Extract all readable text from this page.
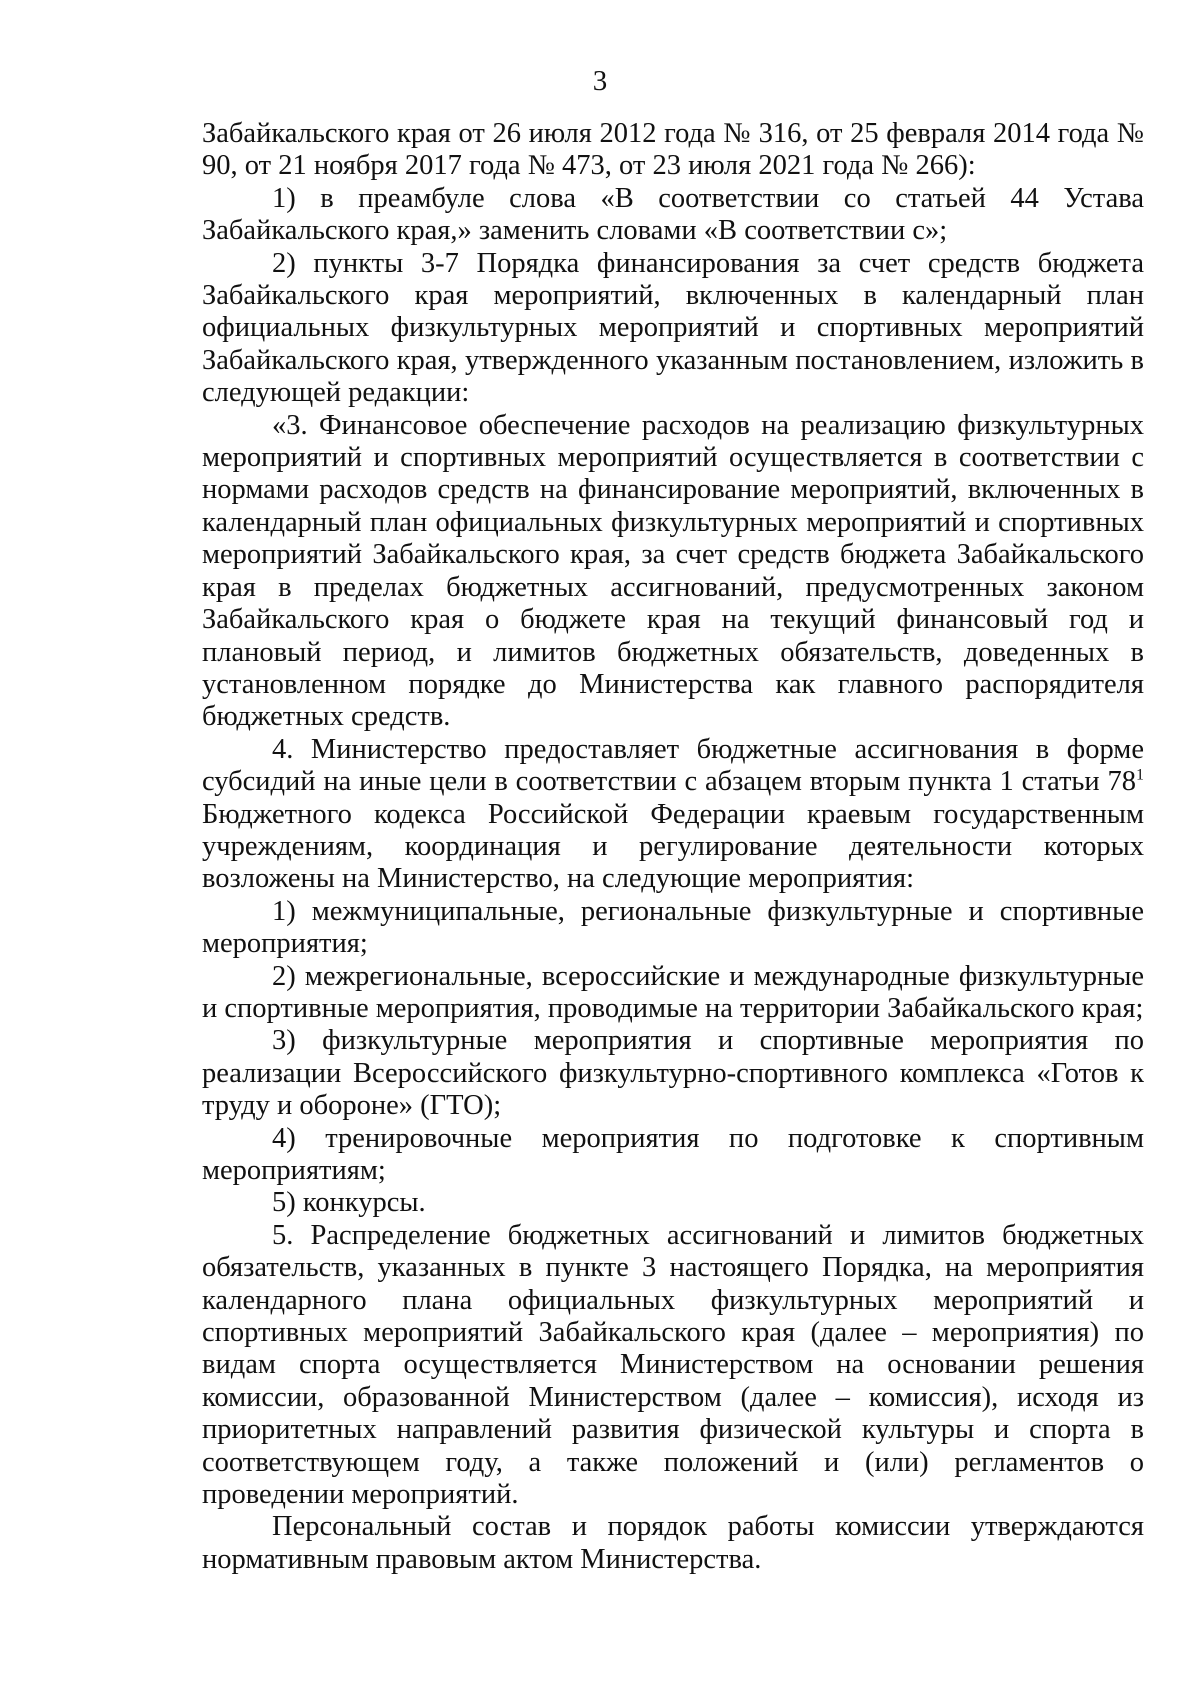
3

Забайкальского края от 26 июля 2012 года № 316, от 25 февраля 2014 года № 90, от 21 ноября 2017 года № 473, от 23 июля 2021 года № 266):

1) в преамбуле слова «В соответствии со статьей 44 Устава Забайкальского края,» заменить словами «В соответствии с»;

2) пункты 3-7 Порядка финансирования за счет средств бюджета Забайкальского края мероприятий, включенных в календарный план официальных физкультурных мероприятий и спортивных мероприятий Забайкальского края, утвержденного указанным постановлением, изложить в следующей редакции:

«3. Финансовое обеспечение расходов на реализацию физкультурных мероприятий и спортивных мероприятий осуществляется в соответствии с нормами расходов средств на финансирование мероприятий, включенных в календарный план официальных физкультурных мероприятий и спортивных мероприятий Забайкальского края, за счет средств бюджета Забайкальского края в пределах бюджетных ассигнований, предусмотренных законом Забайкальского края о бюджете края на текущий финансовый год и плановый период, и лимитов бюджетных обязательств, доведенных в установленном порядке до Министерства как главного распорядителя бюджетных средств.

4. Министерство предоставляет бюджетные ассигнования в форме субсидий на иные цели в соответствии с абзацем вторым пункта 1 статьи $78^1$ Бюджетного кодекса Российской Федерации краевым государственным учреждениям, координация и регулирование деятельности которых возложены на Министерство, на следующие мероприятия:

1) межмуниципальные, региональные физкультурные и спортивные мероприятия;

2) межрегиональные, всероссийские и международные физкультурные и спортивные мероприятия, проводимые на территории Забайкальского края;

3) физкультурные мероприятия и спортивные мероприятия по реализации Всероссийского физкультурно-спортивного комплекса «Готов к труду и обороне» (ГТО);

4) тренировочные мероприятия по подготовке к спортивным мероприятиям;

5) конкурсы.

5. Распределение бюджетных ассигнований и лимитов бюджетных обязательств, указанных в пункте 3 настоящего Порядка, на мероприятия календарного плана официальных физкультурных мероприятий и спортивных мероприятий Забайкальского края (далее – мероприятия) по видам спорта осуществляется Министерством на основании решения комиссии, образованной Министерством (далее – комиссия), исходя из приоритетных направлений развития физической культуры и спорта в соответствующем году, а также положений и (или) регламентов о проведении мероприятий.

Персональный состав и порядок работы комиссии утверждаются нормативным правовым актом Министерства.
